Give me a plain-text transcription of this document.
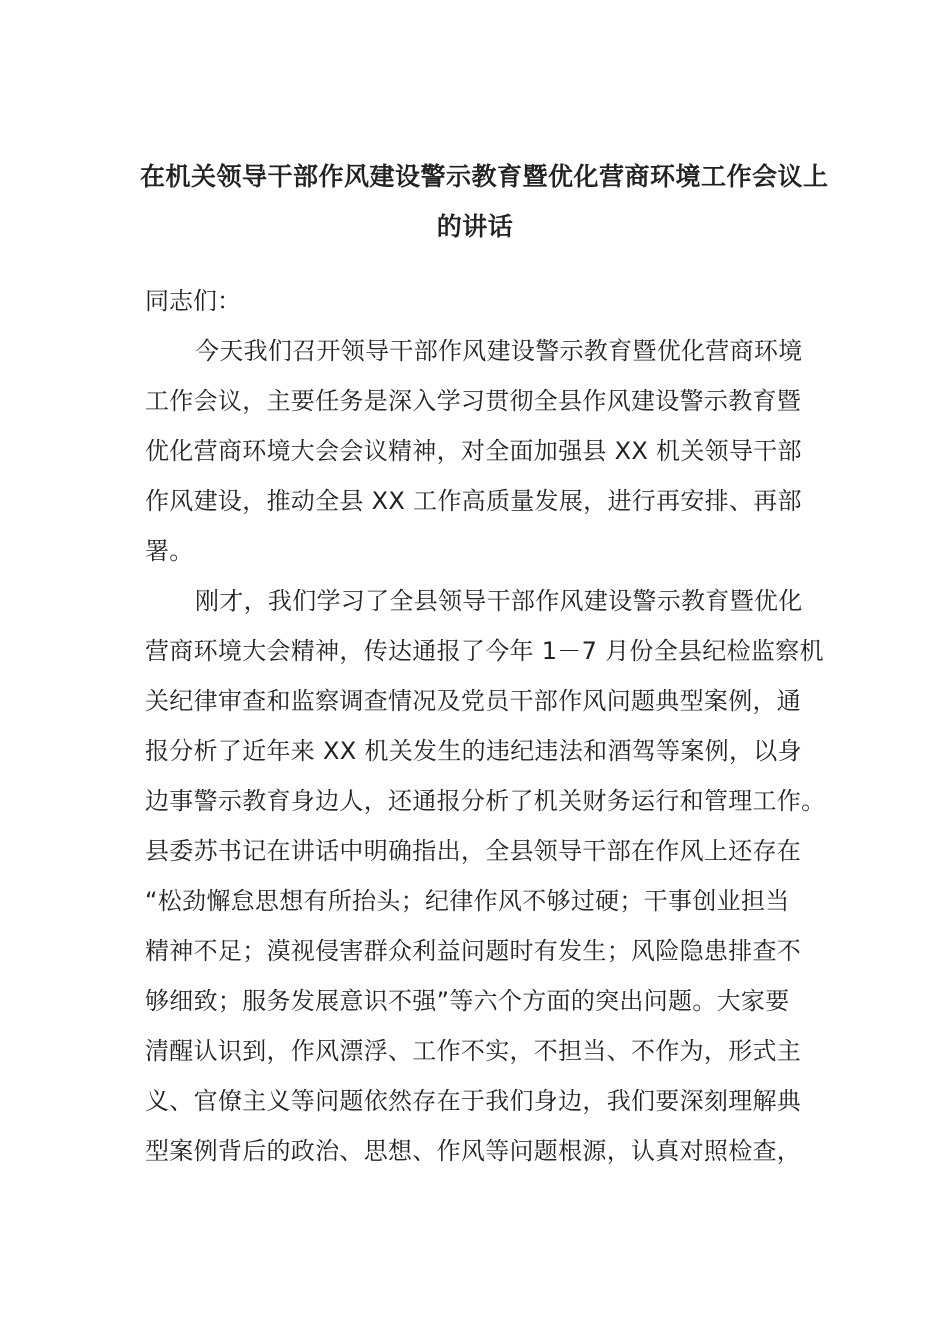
在机关领导干部作风建设警示教育暨优化营商环境工作会议上
的讲话
同志们：
今天我们召开领导干部作风建设警示教育暨优化营商环境
工作会议，主要任务是深入学习贯彻全县作风建设警示教育暨
优化营商环境大会会议精神，对全面加强县 XX 机关领导干部
作风建设，推动全县 XX 工作高质量发展，进行再安排、再部
署。
刚才，我们学习了全县领导干部作风建设警示教育暨优化
营商环境大会精神，传达通报了今年 1－7 月份全县纪检监察机
关纪律审查和监察调查情况及党员干部作风问题典型案例，通
报分析了近年来 XX 机关发生的违纪违法和酒驾等案例，以身
边事警示教育身边人，还通报分析了机关财务运行和管理工作。
县委苏书记在讲话中明确指出，全县领导干部在作风上还存在
“松劲懈怠思想有所抬头；纪律作风不够过硬；干事创业担当
精神不足；漠视侵害群众利益问题时有发生；风险隐患排查不
够细致；服务发展意识不强”等六个方面的突出问题。大家要
清醒认识到，作风漂浮、工作不实，不担当、不作为，形式主
义、官僚主义等问题依然存在于我们身边，我们要深刻理解典
型案例背后的政治、思想、作风等问题根源，认真对照检查，
